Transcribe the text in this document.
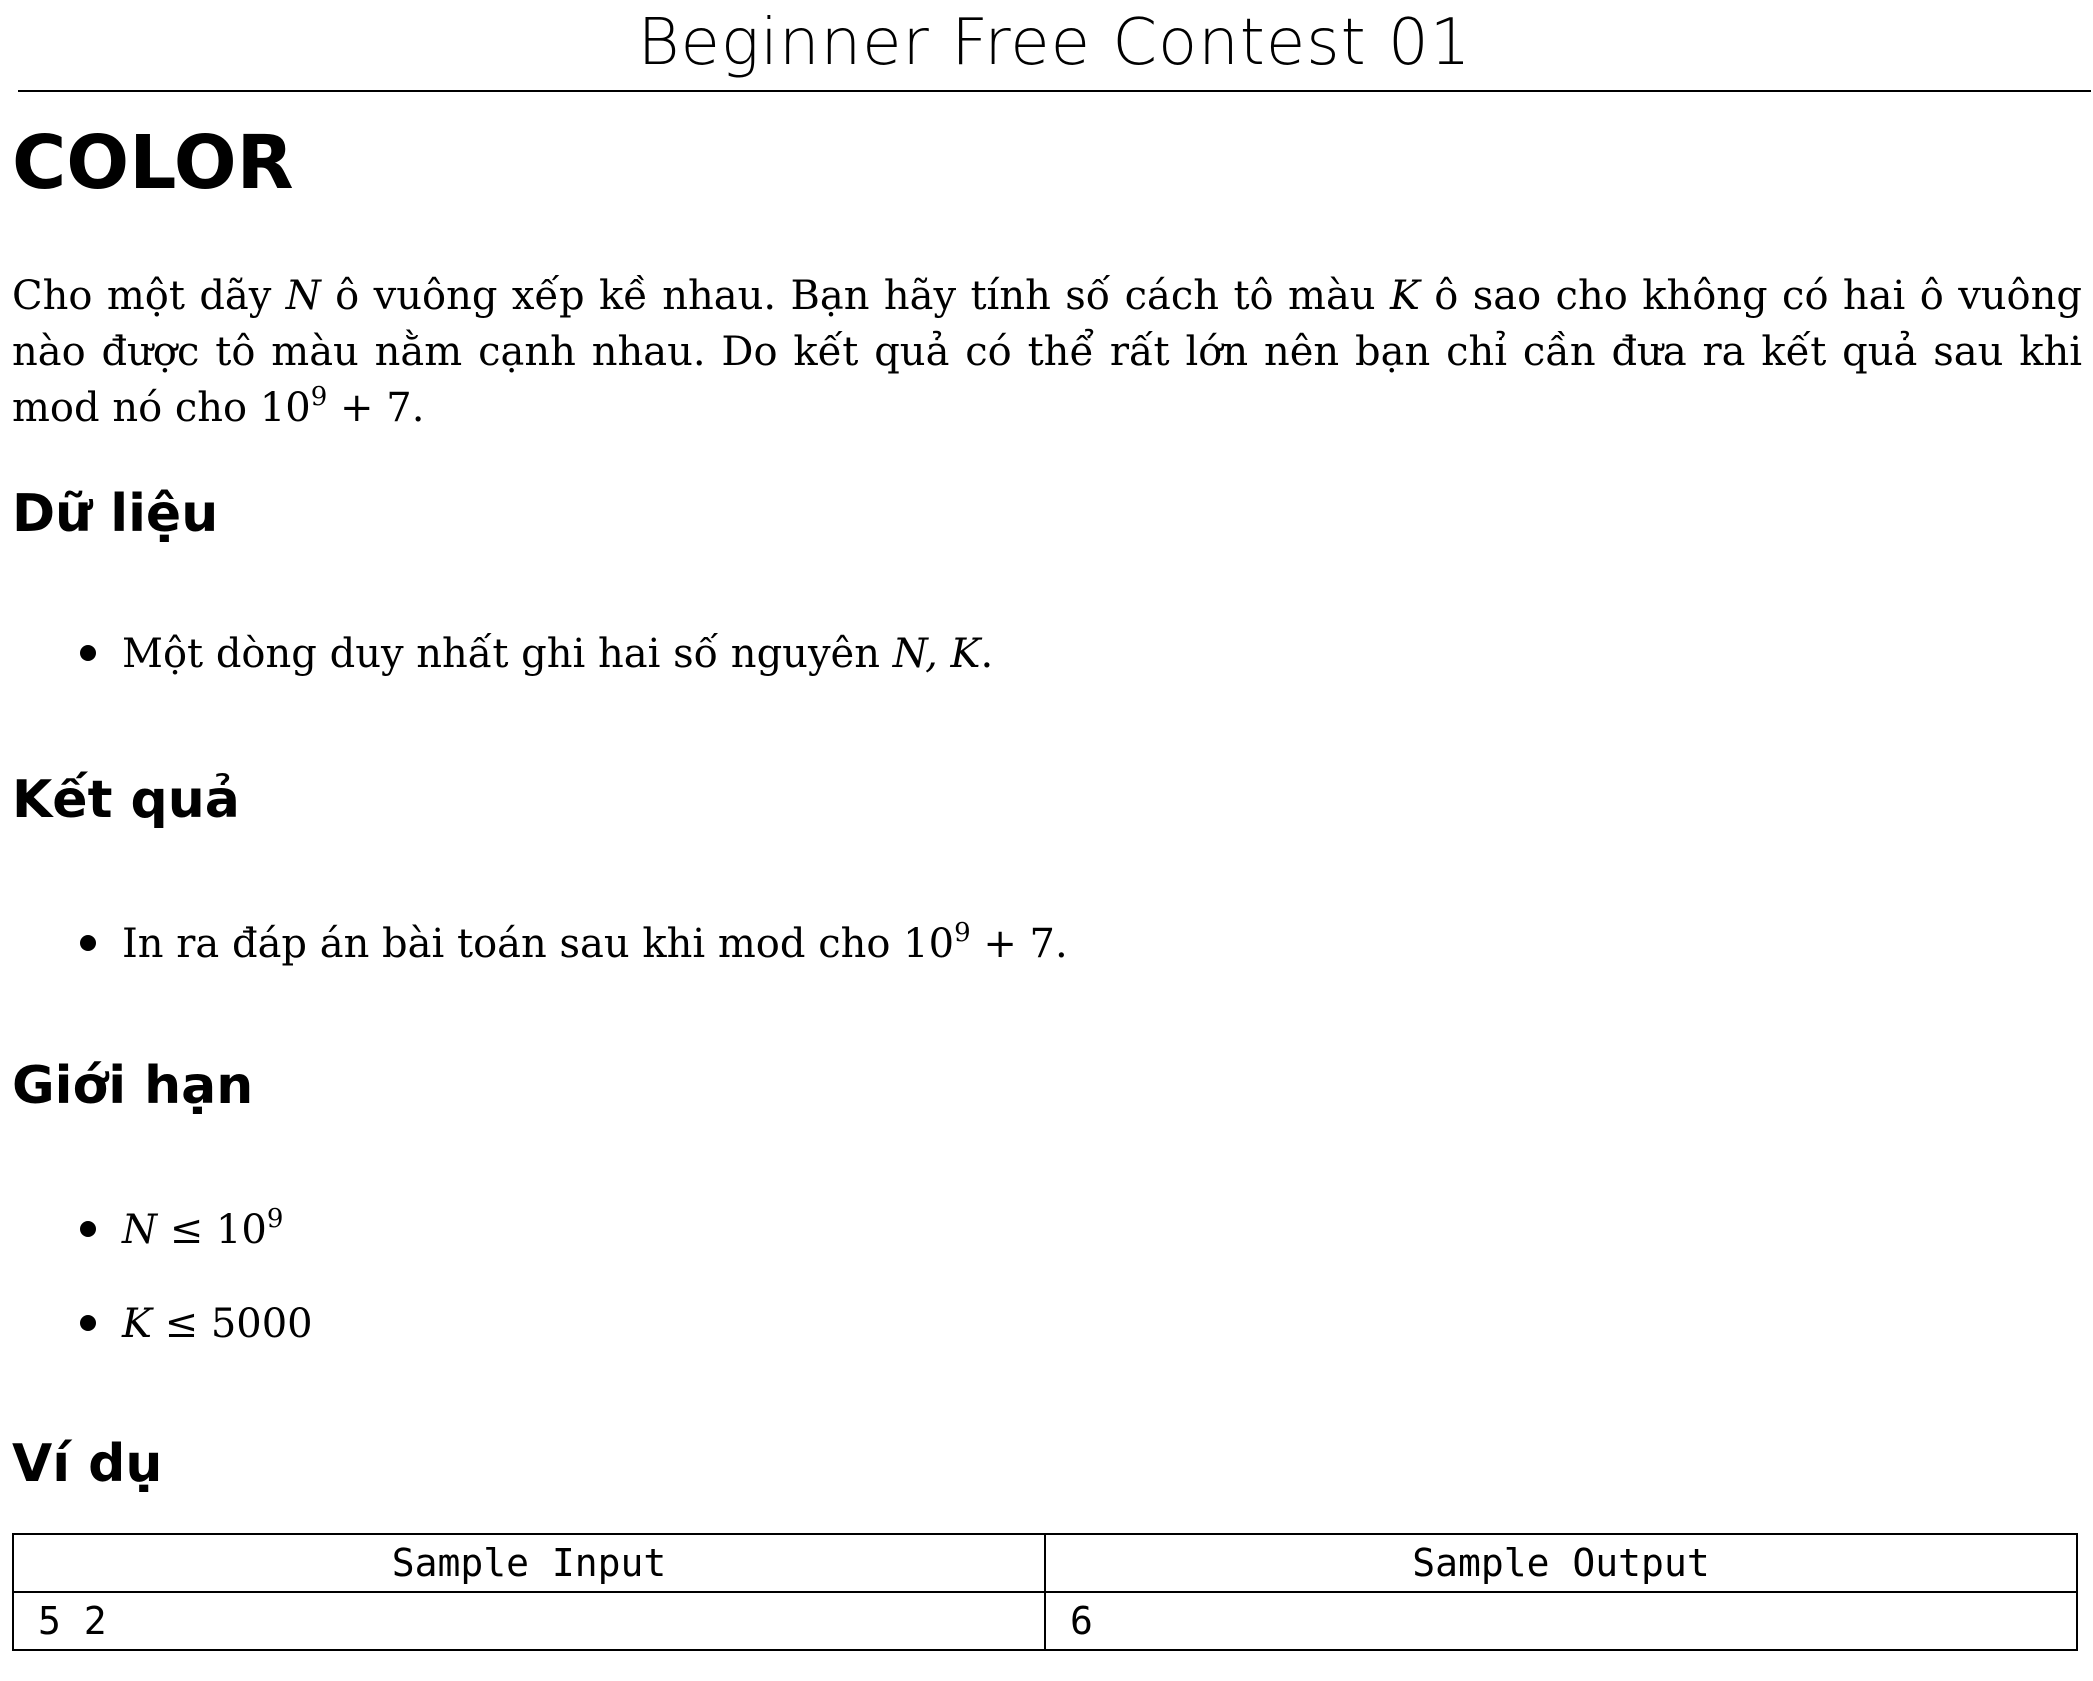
Beginner Free Contest 01
COLOR

Cho một dãy N ô vuông xếp kề nhau. Bạn hãy tính số cách tô màu K ô sao cho không có hai ô vuông nào được tô màu nằm cạnh nhau. Do kết quả có thể rất lớn nên bạn chỉ cần đưa ra kết quả sau khi mod nó cho $10^9 + 7$.

Dữ liệu

Một dòng duy nhất ghi hai số nguyên N, K.

Kết quả

In ra đáp án bài toán sau khi mod cho $10^9 + 7$.

Giới hạn

$N \le 10^9$

K ≤ 5000

Ví dụ
Sample Input	Sample Output
5 2	6
